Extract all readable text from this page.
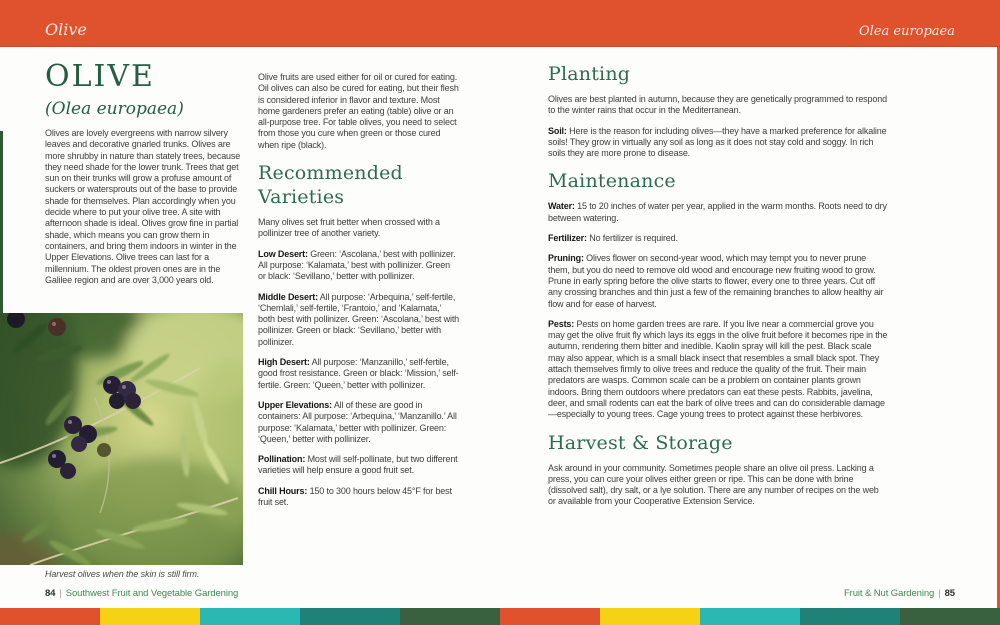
Olive	Olea europaea
OLIVE
(Olea europaea)
Olives are lovely evergreens with narrow silvery leaves and decorative gnarled trunks. Olives are more shrubby in nature than stately trees, because they need shade for the lower trunk. Trees that get sun on their trunks will grow a profuse amount of suckers or watersprouts out of the base to provide shade for themselves. Plan accordingly when you decide where to put your olive tree. A site with afternoon shade is ideal. Olives grow fine in partial shade, which means you can grow them in containers, and bring them indoors in winter in the Upper Elevations. Olive trees can last for a millennium. The oldest proven ones are in the Galilee region and are over 3,000 years old.
Harvest olives when the skin is still firm.

Olive fruits are used either for oil or cured for eating. Oil olives can also be cured for eating, but their flesh is considered inferior in flavor and texture. Most home gardeners prefer an eating (table) olive or an all-purpose tree. For table olives, you need to select from those you cure when green or those cured when ripe (black).

Recommended Varieties

Many olives set fruit better when crossed with a pollinizer tree of another variety.

Low Desert: Green: ‘Ascolana,’ best with pollinizer. All purpose: ‘Kalamata,’ best with pollinizer. Green or black: ‘Sevillano,’ better with pollinizer.

Middle Desert: All purpose: ‘Arbequina,’ self-fertile, ‘Chemlali,’ self-fertile, ‘Frantoio,’ and ‘Kalamata,’ both best with pollinizer. Green: ‘Ascolana,’ best with pollinizer. Green or black: ‘Sevillano,’ better with pollinizer.

High Desert: All purpose: ‘Manzanillo,’ self-fertile, good frost resistance. Green or black: ‘Mission,’ self-fertile. Green: ‘Queen,’ better with pollinizer.

Upper Elevations: All of these are good in containers: All purpose: ‘Arbequina,’ ‘Manzanillo.’ All purpose: ‘Kalamata,’ better with pollinizer. Green: ‘Queen,’ better with pollinizer.

Pollination: Most will self-pollinate, but two different varieties will help ensure a good fruit set.

Chill Hours: 150 to 300 hours below 45°F for best fruit set.

Planting

Olives are best planted in autumn, because they are genetically programmed to respond to the winter rains that occur in the Mediterranean.

Soil: Here is the reason for including olives—they have a marked preference for alkaline soils! They grow in virtually any soil as long as it does not stay cold and soggy. In rich soils they are more prone to disease.

Maintenance

Water: 15 to 20 inches of water per year, applied in the warm months. Roots need to dry between watering.

Fertilizer: No fertilizer is required.

Pruning: Olives flower on second-year wood, which may tempt you to never prune them, but you do need to remove old wood and encourage new fruiting wood to grow. Prune in early spring before the olive starts to flower, every one to three years. Cut off any crossing branches and thin just a few of the remaining branches to allow healthy air flow and for ease of harvest.

Pests: Pests on home garden trees are rare. If you live near a commercial grove you may get the olive fruit fly which lays its eggs in the olive fruit before it becomes ripe in the autumn, rendering them bitter and inedible. Kaolin spray will kill the pest. Black scale may also appear, which is a small black insect that resembles a small black spot. They attach themselves firmly to olive trees and reduce the quality of the fruit. Their main predators are wasps. Common scale can be a problem on container plants grown indoors. Bring them outdoors where predators can eat these pests. Rabbits, javelina, deer, and small rodents can eat the bark of olive trees and can do considerable damage—especially to young trees. Cage young trees to protect against these herbivores.

Harvest & Storage

Ask around in your community. Sometimes people share an olive oil press. Lacking a press, you can cure your olives either green or ripe. This can be done with brine (dissolved salt), dry salt, or a lye solution. There are any number of recipes on the web or available from your Cooperative Extension Service.

84 | Southwest Fruit and Vegetable Gardening	Fruit & Nut Gardening | 85
